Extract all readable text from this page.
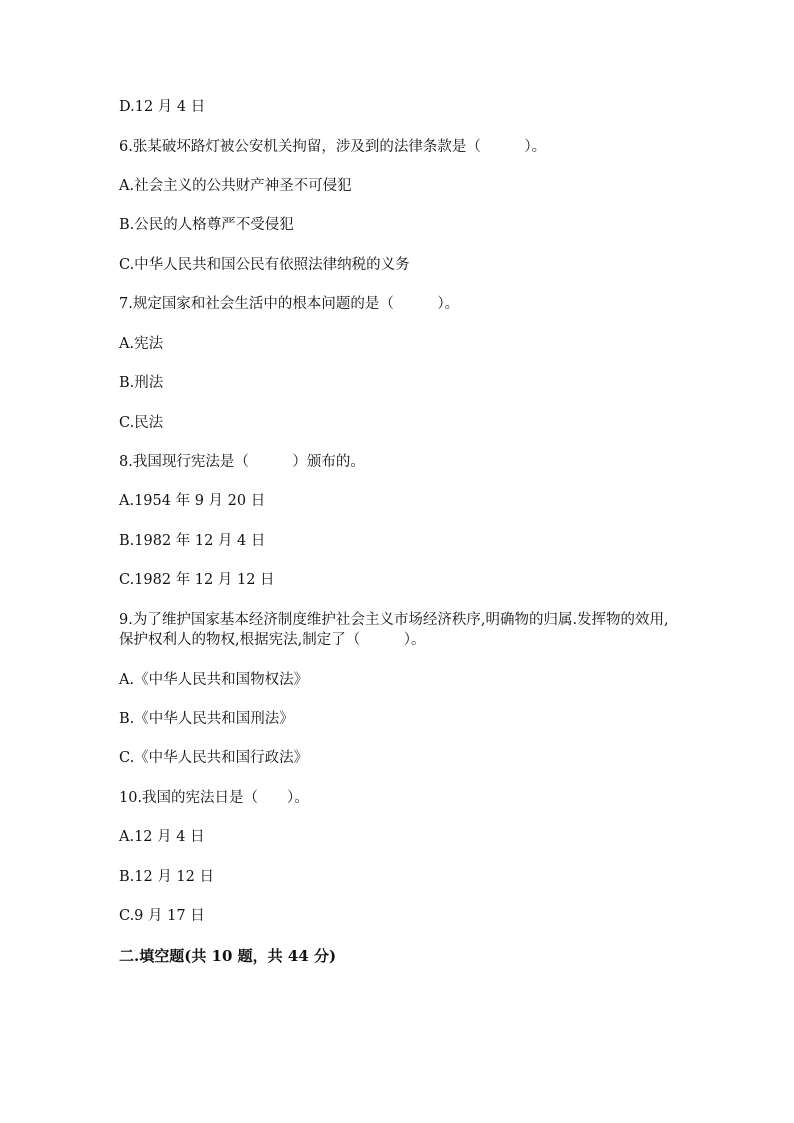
D.12 月 4 日
6.张某破坏路灯被公安机关拘留，涉及到的法律条款是（　　　）。
A.社会主义的公共财产神圣不可侵犯
B.公民的人格尊严不受侵犯
C.中华人民共和国公民有依照法律纳税的义务
7.规定国家和社会生活中的根本问题的是（　　　）。
A.宪法
B.刑法
C.民法
8.我国现行宪法是（　　　）颁布的。
A.1954 年 9 月 20 日
B.1982 年 12 月 4 日
C.1982 年 12 月 12 日
9.为了维护国家基本经济制度维护社会主义市场经济秩序,明确物的归属.发挥物的效用,保护权利人的物权,根据宪法,制定了（　　　）。
A.《中华人民共和国物权法》
B.《中华人民共和国刑法》
C.《中华人民共和国行政法》
10.我国的宪法日是（　　）。
A.12 月 4 日
B.12 月 12 日
C.9 月 17 日
二.填空题(共 10 题，共 44 分)
